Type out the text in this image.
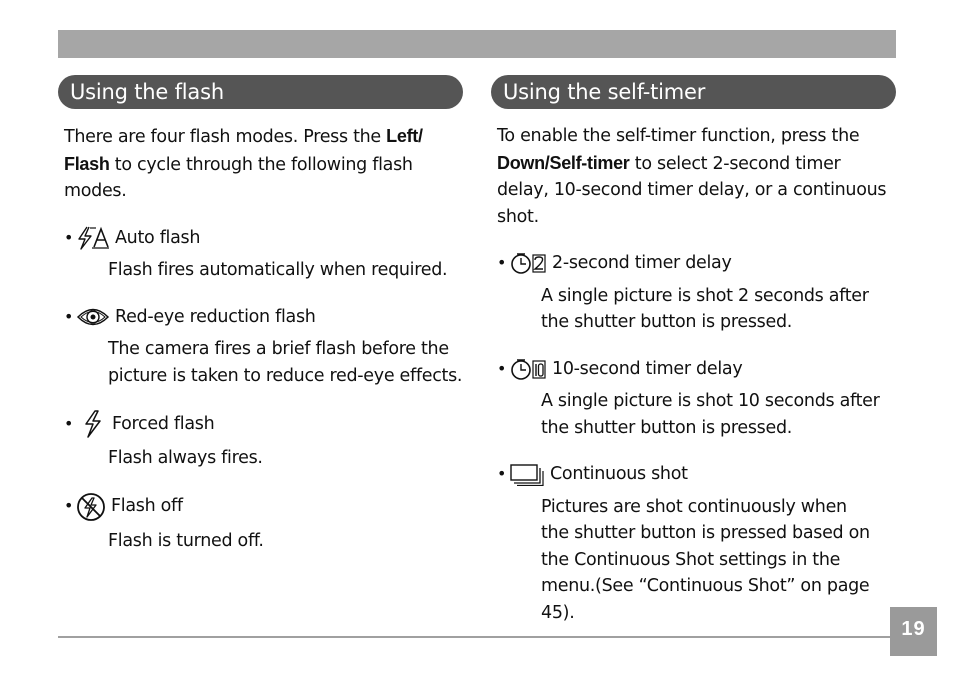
Using the flash
There are four flash modes. Press the Left/ Flash to cycle through the following flash modes.
• Auto flash
Flash fires automatically when required.
• Red-eye reduction flash
The camera fires a brief flash before the picture is taken to reduce red-eye effects.
• Forced flash
Flash always fires.
• Flash off
Flash is turned off.
Using the self-timer
To enable the self-timer function, press the Down/Self-timer to select 2-second timer delay, 10-second timer delay, or a continuous shot.
•	2-second timer delay
A single picture is shot 2 seconds after the shutter button is pressed.
•	10-second timer delay
A single picture is shot 10 seconds after the shutter button is pressed.
•	Continuous shot
Pictures are shot continuously when the shutter button is pressed based on the Continuous Shot settings in the menu.(See “Continuous Shot” on page 45).
19
